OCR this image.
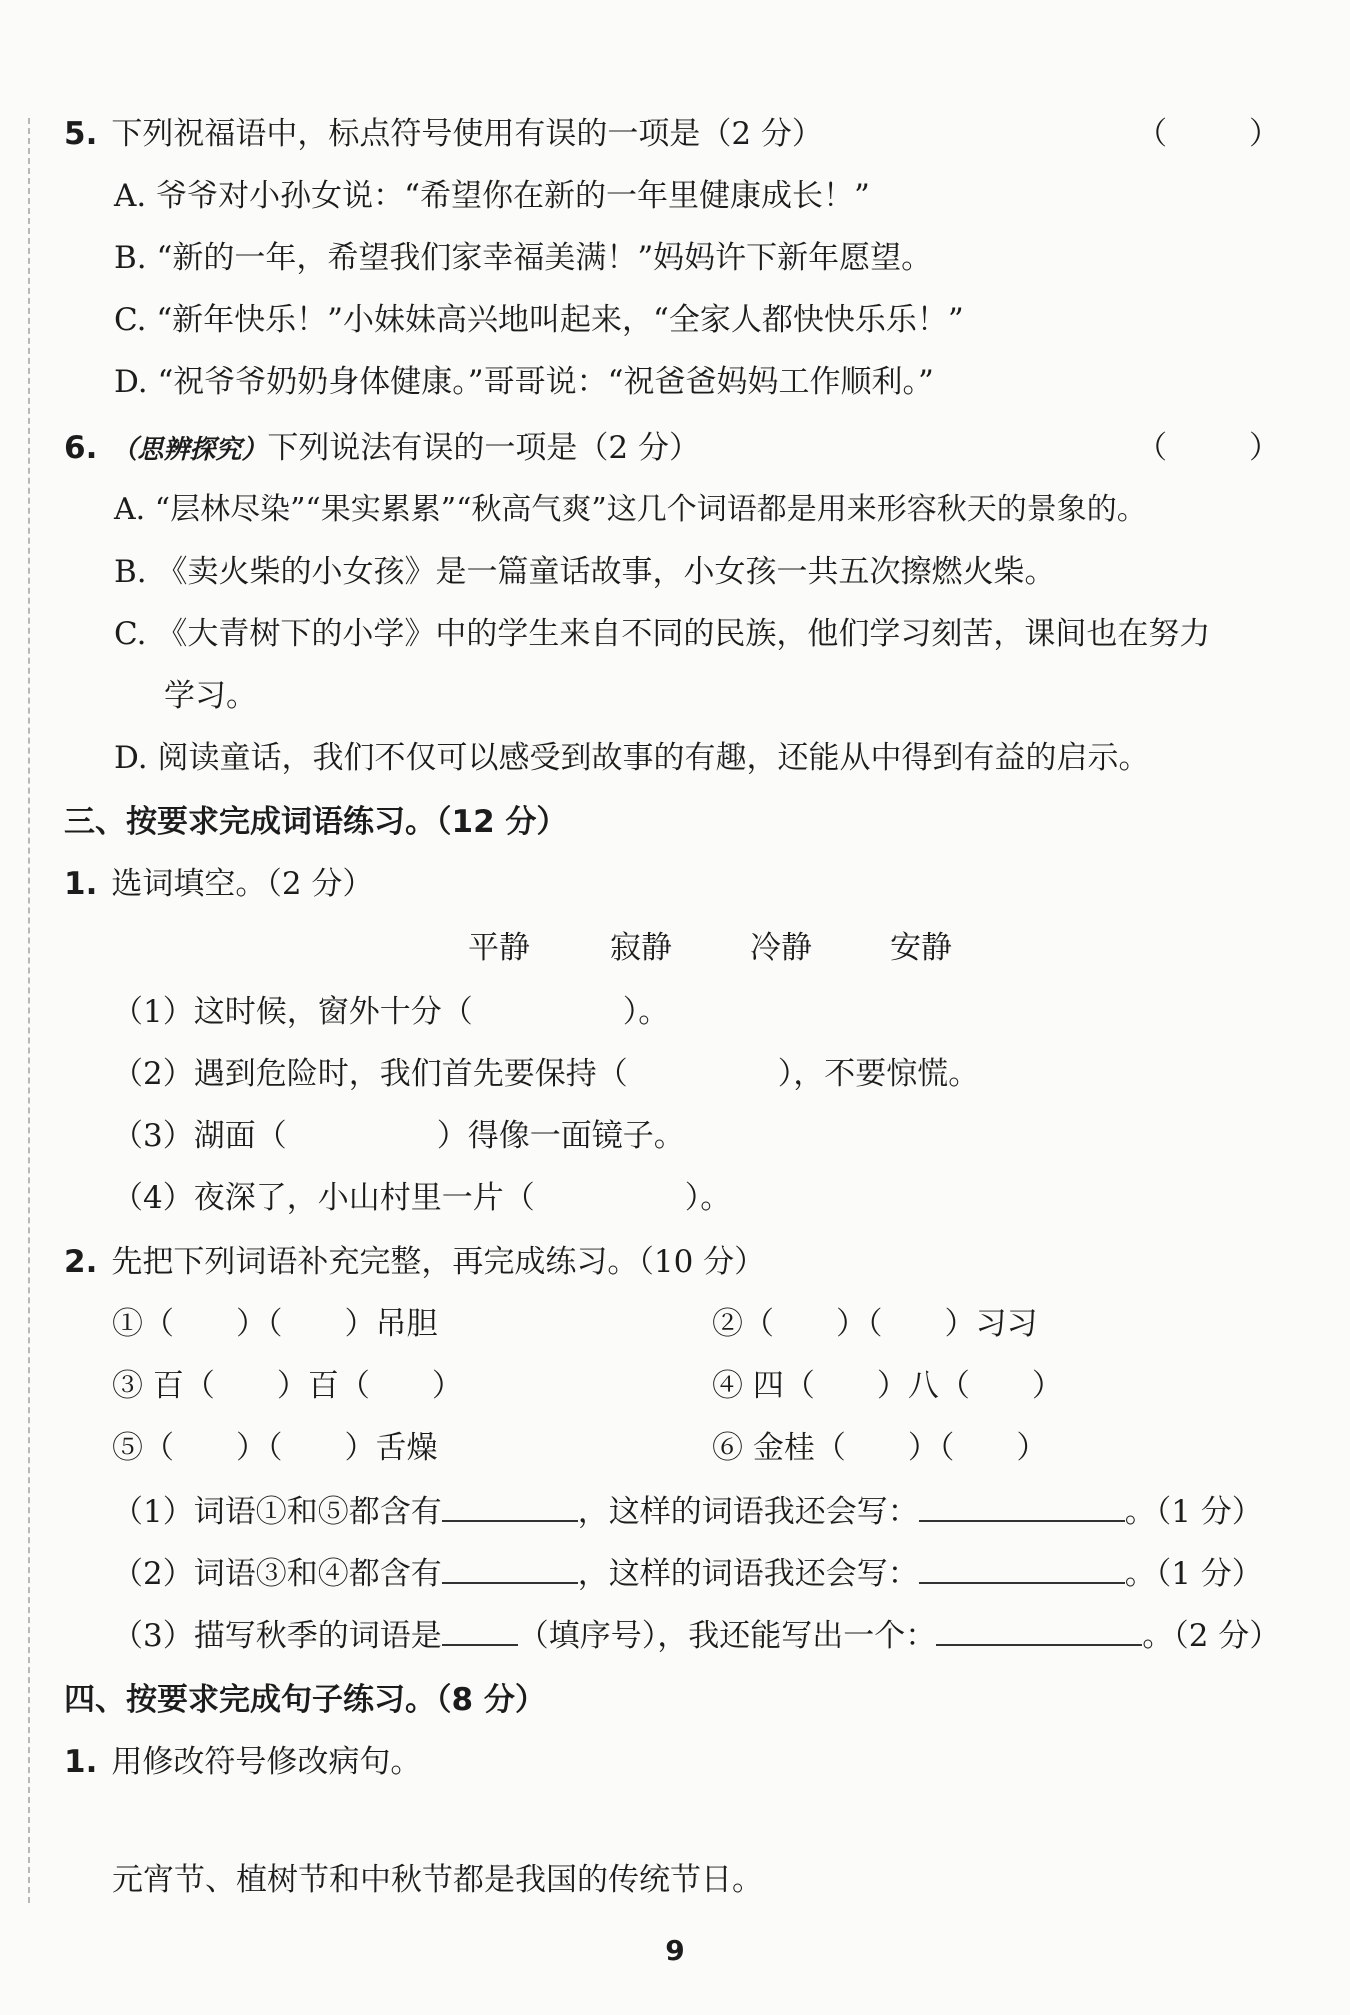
5. 下列祝福语中，标点符号使用有误的一项是（2 分）	（ ）
A. 爷爷对小孙女说：“希望你在新的一年里健康成长！”
B. “新的一年，希望我们家幸福美满！”妈妈许下新年愿望。
C. “新年快乐！”小妹妹高兴地叫起来，“全家人都快快乐乐！”
D. “祝爷爷奶奶身体健康。”哥哥说：“祝爸爸妈妈工作顺利。”
6. （思辨探究）下列说法有误的一项是（2 分）	（ ）
A. “层林尽染”“果实累累”“秋高气爽”这几个词语都是用来形容秋天的景象的。
B. 《卖火柴的小女孩》是一篇童话故事，小女孩一共五次擦燃火柴。
C. 《大青树下的小学》中的学生来自不同的民族，他们学习刻苦，课间也在努力
学习。
D. 阅读童话，我们不仅可以感受到故事的有趣，还能从中得到有益的启示。
三、按要求完成词语练习。（12 分）
1. 选词填空。（2 分）
平静	寂静	冷静	安静
（1）这时候，窗外十分（	）。
（2）遇到危险时，我们首先要保持（	），不要惊慌。
（3）湖面（	）得像一面镜子。
（4）夜深了，小山村里一片（	）。
2. 先把下列词语补充完整，再完成练习。（10 分）
①（　　）（　　）吊胆	②（　　）（　　）习习
③ 百（　　）百（　　）	④ 四（　　）八（　　）
⑤（　　）（　　）舌燥	⑥ 金桂（　　）（　　）
（1）词语①和⑤都含有	，这样的词语我还会写：	。（1 分）
（2）词语③和④都含有	，这样的词语我还会写：	。（1 分）
（3）描写秋季的词语是 （填序号），我还能写出一个：	。（2 分）
四、按要求完成句子练习。（8 分）
1. 用修改符号修改病句。
元宵节、植树节和中秋节都是我国的传统节日。
9
